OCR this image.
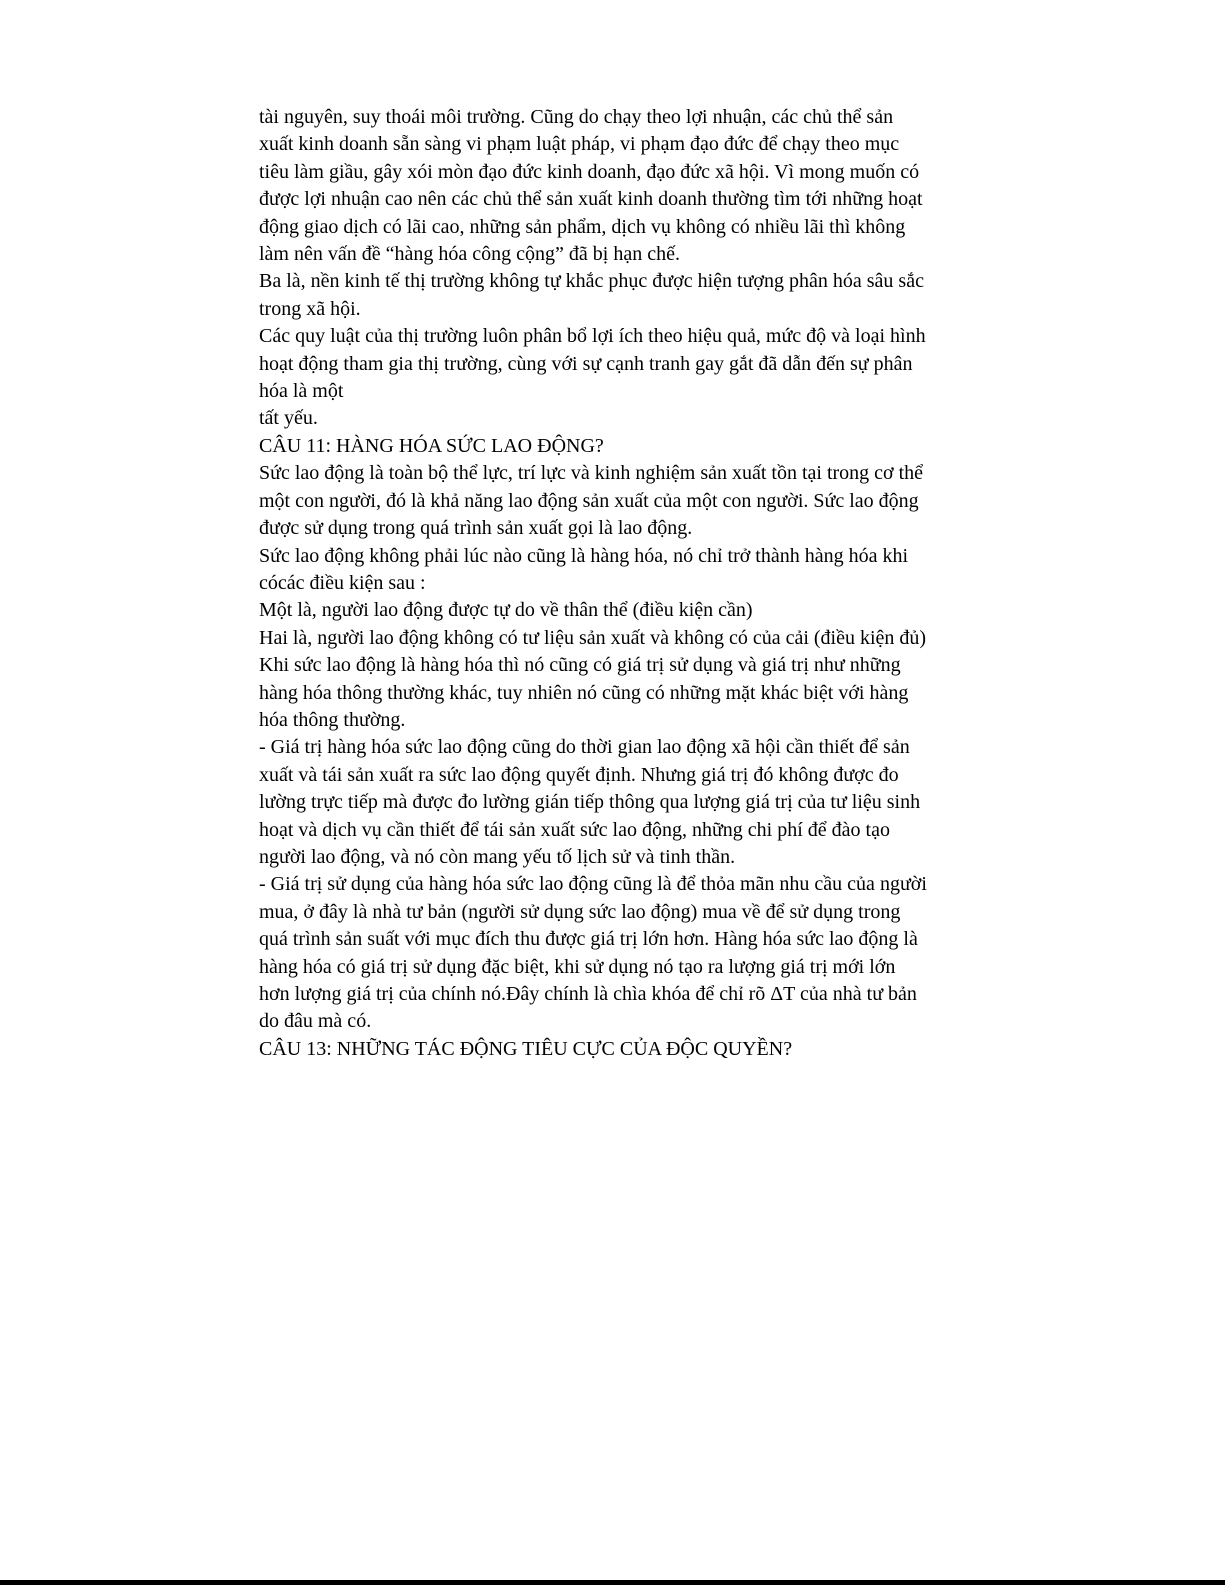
tài nguyên, suy thoái môi trường. Cũng do chạy theo lợi nhuận, các chủ thể sản
xuất kinh doanh sẵn sàng vi phạm luật pháp, vi phạm đạo đức để chạy theo mục
tiêu làm giầu, gây xói mòn đạo đức kinh doanh, đạo đức xã hội. Vì mong muốn có
được lợi nhuận cao nên các chủ thể sản xuất kinh doanh thường tìm tới những hoạt
động giao dịch có lãi cao, những sản phẩm, dịch vụ không có nhiều lãi thì không
làm nên vấn đề “hàng hóa công cộng” đã bị hạn chế.
Ba là, nền kinh tế thị trường không tự khắc phục được hiện tượng phân hóa sâu sắc
trong xã hội.
Các quy luật của thị trường luôn phân bổ lợi ích theo hiệu quả, mức độ và loại hình
hoạt động tham gia thị trường, cùng với sự cạnh tranh gay gắt đã dẫn đến sự phân
hóa là một
tất yếu.
CÂU 11: HÀNG HÓA SỨC LAO ĐỘNG?
Sức lao động là toàn bộ thể lực, trí lực và kinh nghiệm sản xuất tồn tại trong cơ thể
một con người, đó là khả năng lao động sản xuất của một con người. Sức lao động
được sử dụng trong quá trình sản xuất gọi là lao động.
Sức lao động không phải lúc nào cũng là hàng hóa, nó chỉ trở thành hàng hóa khi
cócác điều kiện sau :
Một là, người lao động được tự do về thân thể (điều kiện cần)
Hai là, người lao động không có tư liệu sản xuất và không có của cải (điều kiện đủ)
Khi sức lao động là hàng hóa thì nó cũng có giá trị sử dụng và giá trị như những
hàng hóa thông thường khác, tuy nhiên nó cũng có những mặt khác biệt với hàng
hóa thông thường.
- Giá trị hàng hóa sức lao động cũng do thời gian lao động xã hội cần thiết để sản
xuất và tái sản xuất ra sức lao động quyết định. Nhưng giá trị đó không được đo
lường trực tiếp mà được đo lường gián tiếp thông qua lượng giá trị của tư liệu sinh
hoạt và dịch vụ cần thiết để tái sản xuất sức lao động, những chi phí để đào tạo
người lao động, và nó còn mang yếu tố lịch sử và tinh thần.
- Giá trị sử dụng của hàng hóa sức lao động cũng là để thỏa mãn nhu cầu của người
mua, ở đây là nhà tư bản (người sử dụng sức lao động) mua về để sử dụng trong
quá trình sản suất với mục đích thu được giá trị lớn hơn. Hàng hóa sức lao động là
hàng hóa có giá trị sử dụng đặc biệt, khi sử dụng nó tạo ra lượng giá trị mới lớn
hơn lượng giá trị của chính nó.Đây chính là chìa khóa để chỉ rõ ΔT của nhà tư bản
do đâu mà có.
CÂU 13: NHỮNG TÁC ĐỘNG TIÊU CỰC CỦA ĐỘC QUYỀN?
